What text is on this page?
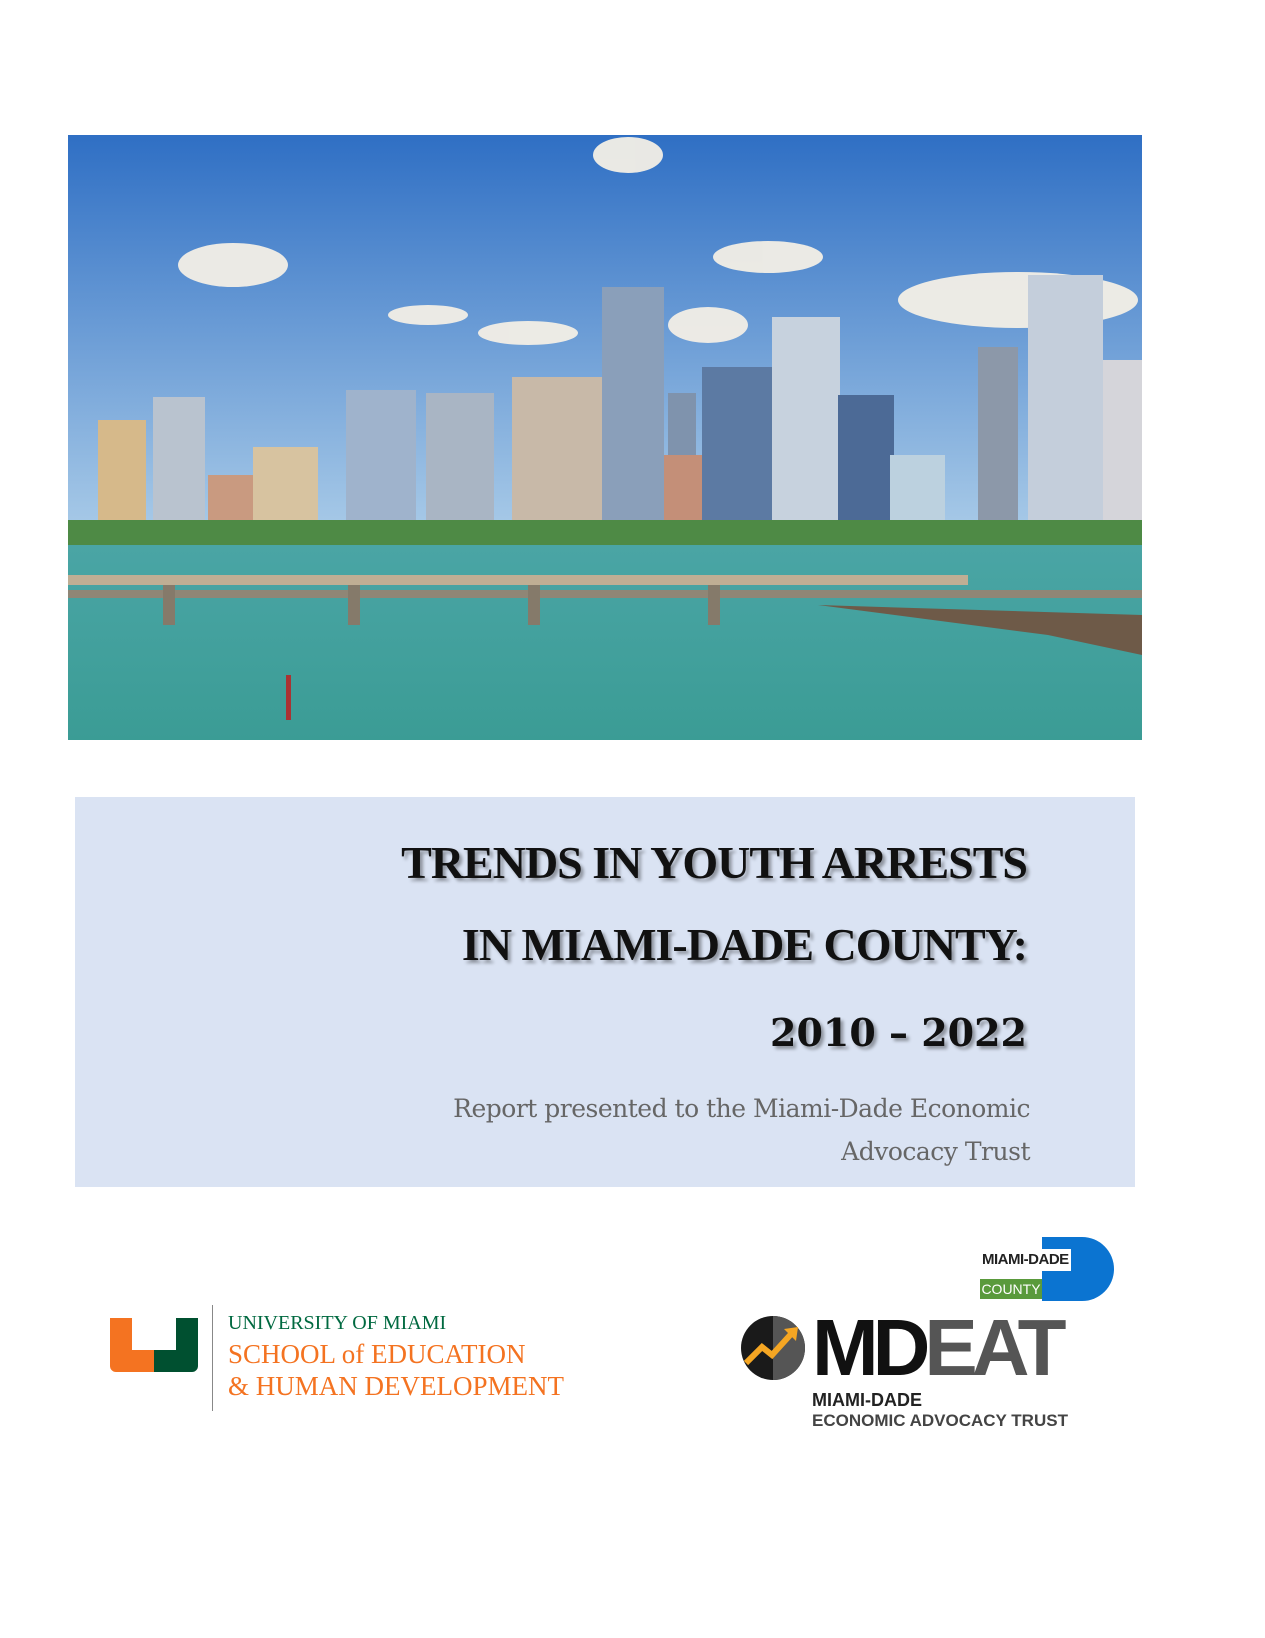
TRENDS IN YOUTH ARRESTS
IN MIAMI-DADE COUNTY:
2010 – 2022
Report presented to the Miami-Dade Economic Advocacy Trust
UNIVERSITY OF MIAMI
SCHOOL of EDUCATION
& HUMAN DEVELOPMENT
MIAMI-DADE
COUNTY
MDEAT
MIAMI-DADE
ECONOMIC ADVOCACY TRUST
